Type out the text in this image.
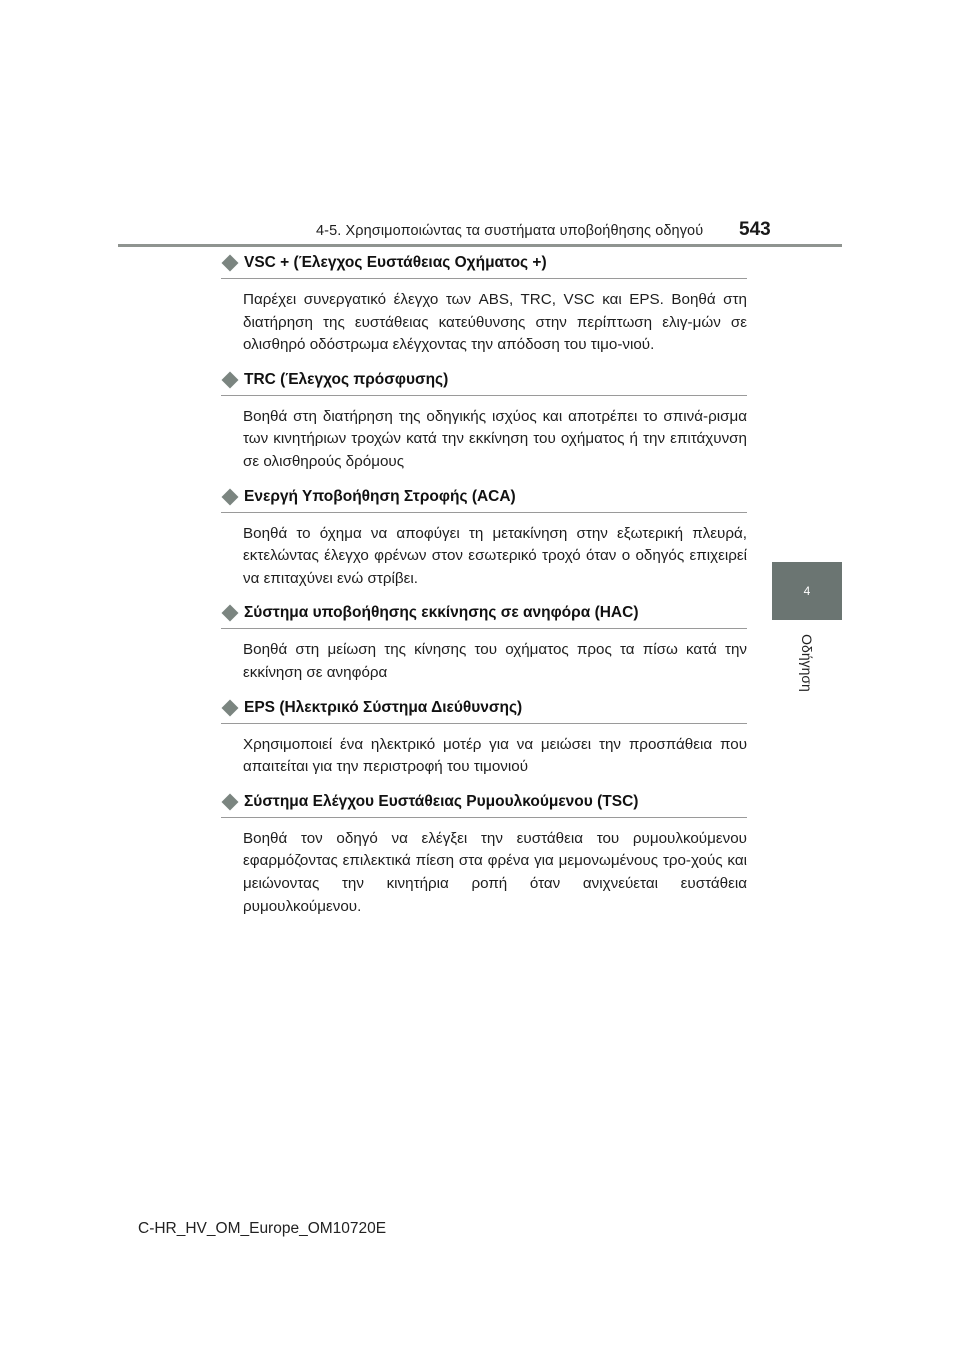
4-5. Χρησιμοποιώντας τα συστήματα υποβοήθησης οδηγού 543
4
Οδήγηση
VSC + (Έλεγχος Ευστάθειας Οχήματος +)
Παρέχει συνεργατικό έλεγχο των ABS, TRC, VSC και EPS. Βοηθά στη διατήρηση της ευστάθειας κατεύθυνσης στην περίπτωση ελιγ-μών σε ολισθηρό οδόστρωμα ελέγχοντας την απόδοση του τιμο-νιού.
TRC (Έλεγχος πρόσφυσης)
Βοηθά στη διατήρηση της οδηγικής ισχύος και αποτρέπει το σπινά-ρισμα των κινητήριων τροχών κατά την εκκίνηση του οχήματος ή την επιτάχυνση σε ολισθηρούς δρόμους
Ενεργή Υποβοήθηση Στροφής (ACA)
Βοηθά το όχημα να αποφύγει τη μετακίνηση στην εξωτερική πλευρά, εκτελώντας έλεγχο φρένων στον εσωτερικό τροχό όταν ο οδηγός επιχειρεί να επιταχύνει ενώ στρίβει.
Σύστημα υποβοήθησης εκκίνησης σε ανηφόρα (HAC)
Βοηθά στη μείωση της κίνησης του οχήματος προς τα πίσω κατά την εκκίνηση σε ανηφόρα
EPS (Ηλεκτρικό Σύστημα Διεύθυνσης)
Χρησιμοποιεί ένα ηλεκτρικό μοτέρ για να μειώσει την προσπάθεια που απαιτείται για την περιστροφή του τιμονιού
Σύστημα Ελέγχου Ευστάθειας Ρυμουλκούμενου (TSC)
Βοηθά τον οδηγό να ελέγξει την ευστάθεια του ρυμουλκούμενου εφαρμόζοντας επιλεκτικά πίεση στα φρένα για μεμονωμένους τρο-χούς και μειώνοντας την κινητήρια ροπή όταν ανιχνεύεται ευστάθεια ρυμουλκούμενου.
C-HR_HV_OM_Europe_OM10720E
